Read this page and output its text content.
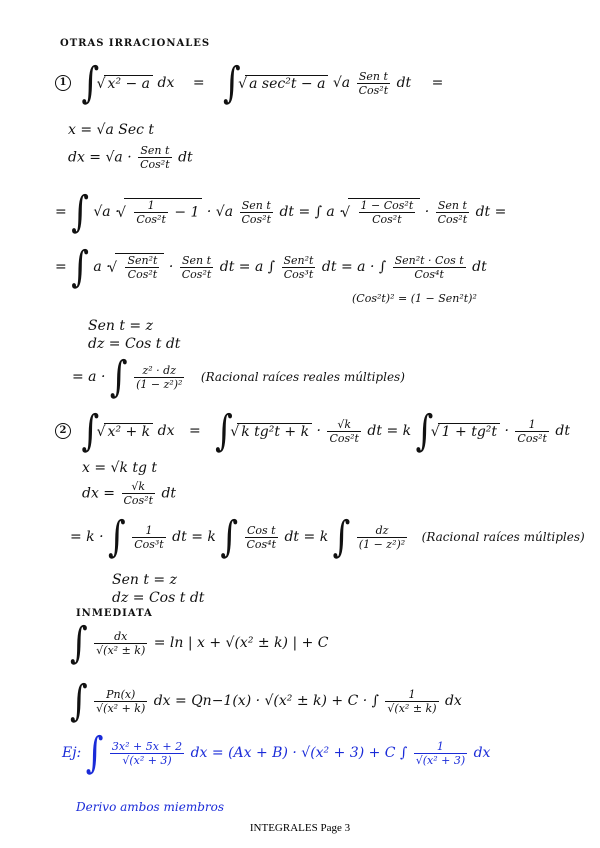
OTRAS IRRACIONALES
1 ∫ √ x² − a dx = ∫ √ a sec²t − a $√a \frac{\text{Sen t}}{\text{Cos²t}}$ dt =
x = √a Sec t
dx = $√a \cdot \frac{\text{Sen t}}{\text{Cos²t}}$ dt
= ∫ √a · √ $\frac{1}{\text{Cos²t}} - 1 \cdot √a \frac{\text{Sen t}}{\text{Cos²t}}$ dt = ∫ a · √ $\frac{\text{1 − Cos²t}}{\text{Cos²t}} \cdot \frac{\text{Sen t}}{\text{Cos²t}}$ dt =
= ∫ a · √ $\frac{\text{Sen²t}}{\text{Cos²t}} \cdot \frac{\text{Sen t}}{\text{Cos²t}}$ dt = a ∫ $\frac{\text{Sen²t}}{\text{Cos³t}}$ dt = a · ∫ $\frac{\text{Sen²t · Cos t}}{\text{Cos⁴t}}$ dt
(Cos²t)² = (1 − Sen²t)²
Sen t = z
dz = Cos t dt
= a · ∫ $\frac{\text{z² · dz}}{\text{(1 − z²)²}}$ (Racional raíces reales múltiples)
2 ∫ √ x² + k dx = ∫ √ k $tg^2t + k \cdot \frac{√k}{\text{Cos²t}}$ dt = k ∫ √ $1 + tg^2t \cdot \frac{1}{\text{Cos²t}}$ dt
x = √k tg t
dx = $\frac{√k}{\text{Cos²t}}$ dt
= k · ∫ $\frac{1}{\text{Cos³t}}$ dt = k ∫ $\frac{\text{Cos t}}{\text{Cos⁴t}}$ dt = k ∫ $\frac{dz}{\text{(1 − z²)²}}$ (Racional raíces múltiples)
Sen t = z
dz = Cos t dt
INMEDIATA
∫ $\frac{dx}{\text{√(x² ± k)}} = \ln$ | x + √(x² ± k) | + C
∫ $\frac{Pn(x)}{\text{√(x² + k)}}$ dx = Qn−1(x) · √(x² ± k) + C · ∫ $\frac{1}{\text{√(x² ± k)}}$ dx
Ej: ∫ $\frac{\text{3x² + 5x + 2}}{\text{√(x² + 3)}}$ dx = (Ax + B) · √(x² + 3) + C ∫ $\frac{1}{\text{√(x² + 3)}}$ dx
Derivo ambos miembros
INTEGRALES Page 3
